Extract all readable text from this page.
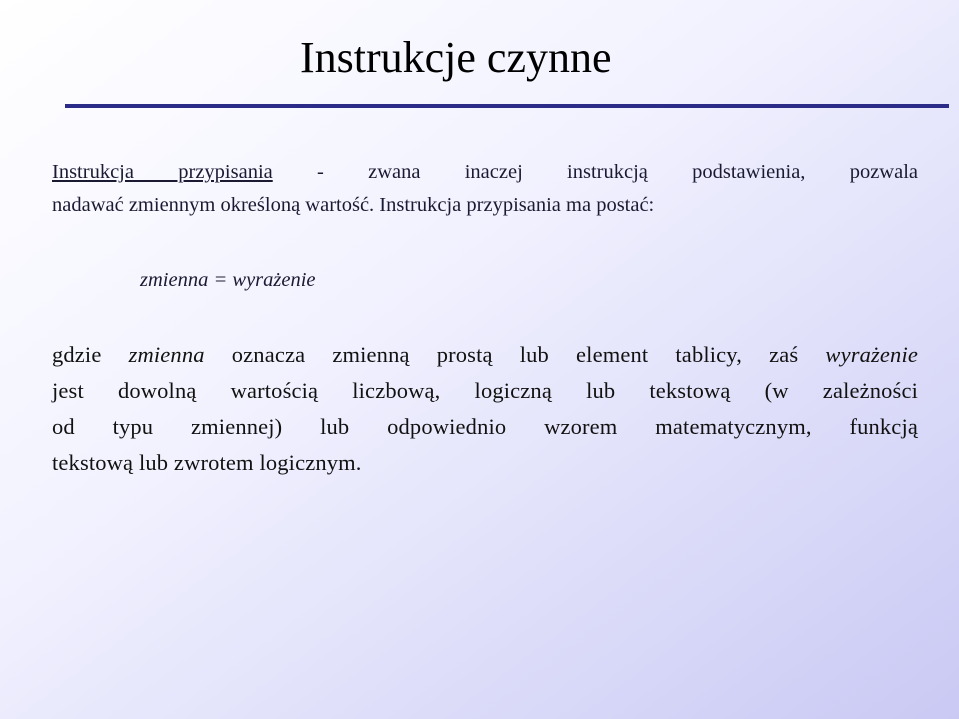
Instrukcje czynne
Instrukcja przypisania - zwana inaczej instrukcją podstawienia, pozwala
nadawać zmiennym określoną wartość. Instrukcja przypisania ma postać:
zmienna = wyrażenie
gdzie zmienna oznacza zmienną prostą lub element tablicy, zaś wyrażenie
jest dowolną wartością liczbową, logiczną lub tekstową (w zależności
od typu zmiennej) lub odpowiednio wzorem matematycznym, funkcją
tekstową lub zwrotem logicznym.
